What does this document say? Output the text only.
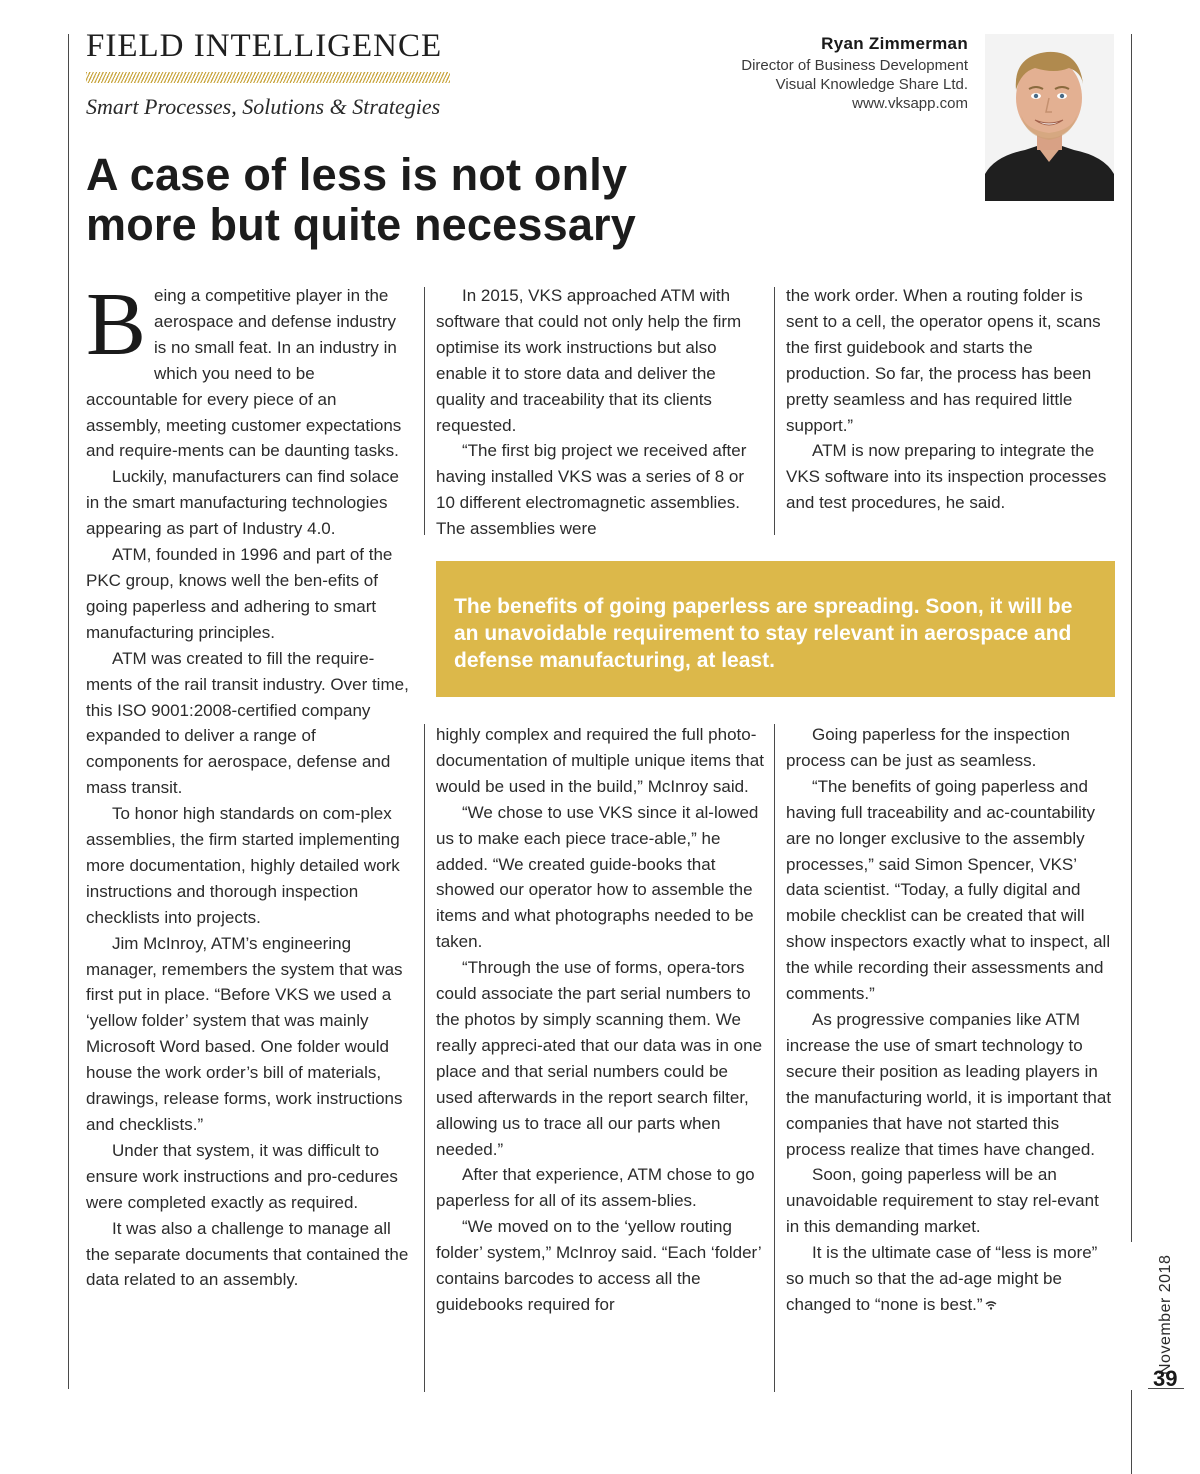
FIELD INTELLIGENCE
Smart Processes, Solutions & Strategies
Ryan Zimmerman
Director of Business Development
Visual Knowledge Share Ltd.
www.vksapp.com
A case of less is not only
more but quite necessary
B eing a competitive player in the aerospace and defense industry is no small feat. In an industry in which you need to be accountable for every piece of an assembly, meeting customer expectations and require-ments can be daunting tasks.

Luckily, manufacturers can find solace in the smart manufacturing technologies appearing as part of Industry 4.0.

ATM, founded in 1996 and part of the PKC group, knows well the ben-efits of going paperless and adhering to smart manufacturing principles.

ATM was created to fill the require-ments of the rail transit industry. Over time, this ISO 9001:2008-certified company expanded to deliver a range of components for aerospace, defense and mass transit.

To honor high standards on com-plex assemblies, the firm started implementing more documentation, highly detailed work instructions and thorough inspection checklists into projects.

Jim McInroy, ATM’s engineering manager, remembers the system that was first put in place. “Before VKS we used a ‘yellow folder’ system that was mainly Microsoft Word based. One folder would house the work order’s bill of materials, drawings, release forms, work instructions and checklists.”

Under that system, it was difficult to ensure work instructions and pro-cedures were completed exactly as required.

It was also a challenge to manage all the separate documents that contained the data related to an assembly.

In 2015, VKS approached ATM with software that could not only help the firm optimise its work instructions but also enable it to store data and deliver the quality and traceability that its clients requested.

“The first big project we received after having installed VKS was a series of 8 or 10 different electromagnetic assemblies. The assemblies were

the work order. When a routing folder is sent to a cell, the operator opens it, scans the first guidebook and starts the production. So far, the process has been pretty seamless and has required little support.”

ATM is now preparing to integrate the VKS software into its inspection processes and test procedures, he said.

The benefits of going paperless are spreading. Soon, it will be an unavoidable requirement to stay relevant in aerospace and defense manufacturing, at least.

highly complex and required the full photo-documentation of multiple unique items that would be used in the build,” McInroy said.

“We chose to use VKS since it al-lowed us to make each piece trace-able,” he added. “We created guide-books that showed our operator how to assemble the items and what photographs needed to be taken.

“Through the use of forms, opera-tors could associate the part serial numbers to the photos by simply scanning them. We really appreci-ated that our data was in one place and that serial numbers could be used afterwards in the report search filter, allowing us to trace all our parts when needed.”

After that experience, ATM chose to go paperless for all of its assem-blies.

“We moved on to the ‘yellow routing folder’ system,” McInroy said. “Each ‘folder’ contains barcodes to access all the guidebooks required for

Going paperless for the inspection process can be just as seamless.

“The benefits of going paperless and having full traceability and ac-countability are no longer exclusive to the assembly processes,” said Simon Spencer, VKS’ data scientist. “Today, a fully digital and mobile checklist can be created that will show inspectors exactly what to inspect, all the while recording their assessments and comments.”

As progressive companies like ATM increase the use of smart technology to secure their position as leading players in the manufacturing world, it is important that companies that have not started this process realize that times have changed.

Soon, going paperless will be an unavoidable requirement to stay rel-evant in this demanding market.

It is the ultimate case of “less is more” so much so that the ad-age might be changed to “none is best.”	November 2018
39
